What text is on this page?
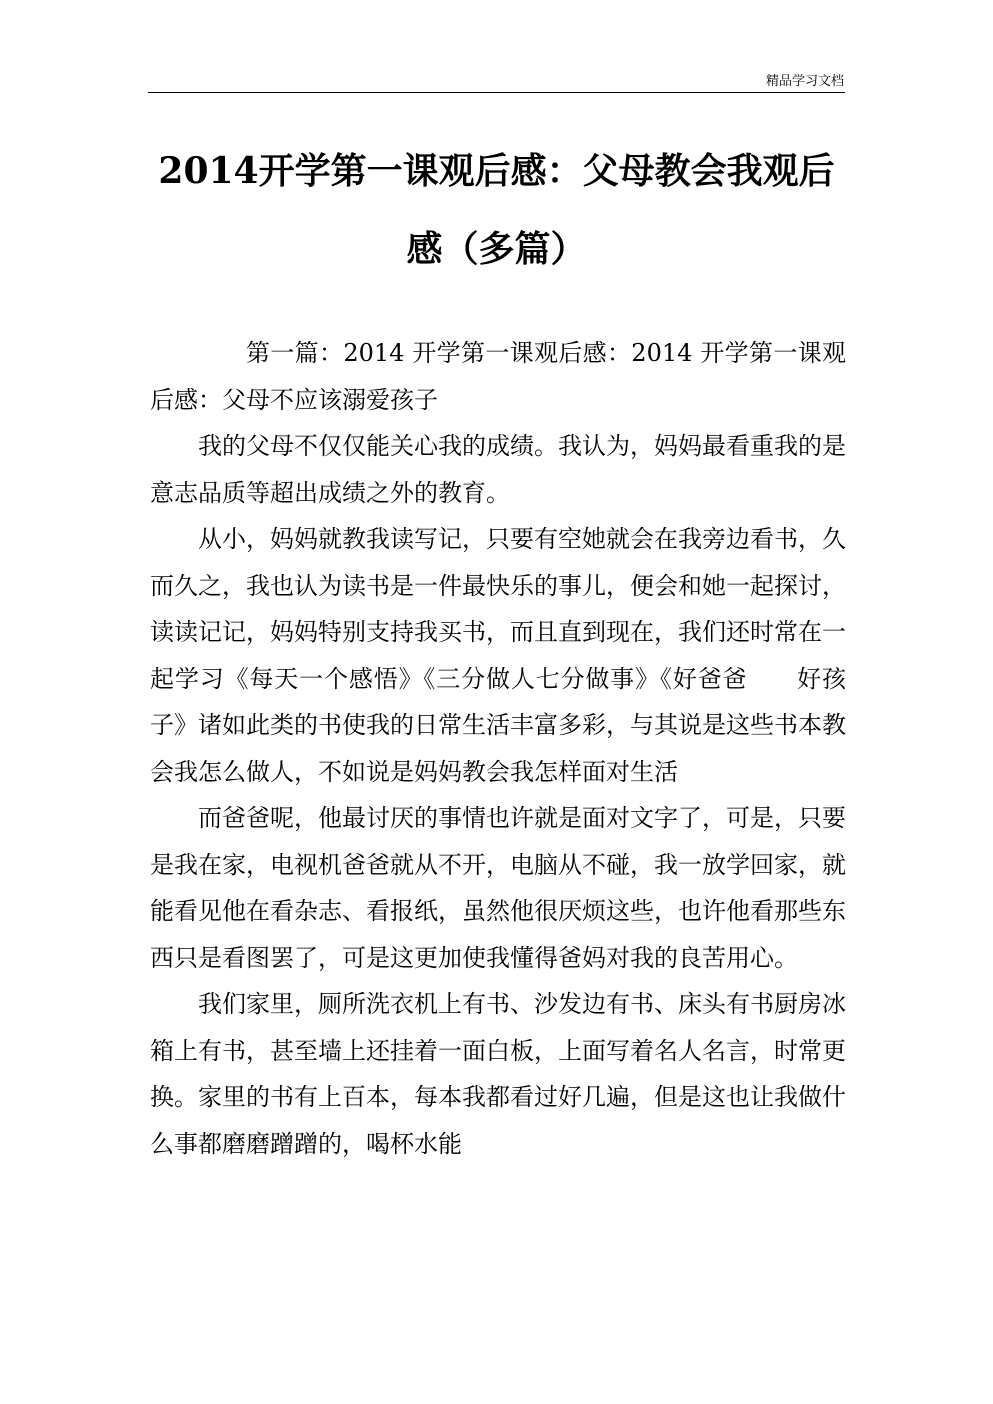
精品学习文档
2014开学第一课观后感：父母教会我观后感（多篇）

第一篇：2014 开学第一课观后感：2014 开学第一课观后感：父母不应该溺爱孩子

我的父母不仅仅能关心我的成绩。我认为，妈妈最看重我的是意志品质等超出成绩之外的教育。

从小，妈妈就教我读写记，只要有空她就会在我旁边看书，久而久之，我也认为读书是一件最快乐的事儿，便会和她一起探讨，读读记记，妈妈特别支持我买书，而且直到现在，我们还时常在一起学习《每天一个感悟》《三分做人七分做事》《好爸爸　　好孩子》诸如此类的书使我的日常生活丰富多彩，与其说是这些书本教会我怎么做人，不如说是妈妈教会我怎样面对生活

而爸爸呢，他最讨厌的事情也许就是面对文字了，可是，只要是我在家，电视机爸爸就从不开，电脑从不碰，我一放学回家，就能看见他在看杂志、看报纸，虽然他很厌烦这些，也许他看那些东西只是看图罢了，可是这更加使我懂得爸妈对我的良苦用心。

我们家里，厕所洗衣机上有书、沙发边有书、床头有书厨房冰箱上有书，甚至墙上还挂着一面白板，上面写着名人名言，时常更换。家里的书有上百本，每本我都看过好几遍，但是这也让我做什么事都磨磨蹭蹭的，喝杯水能
